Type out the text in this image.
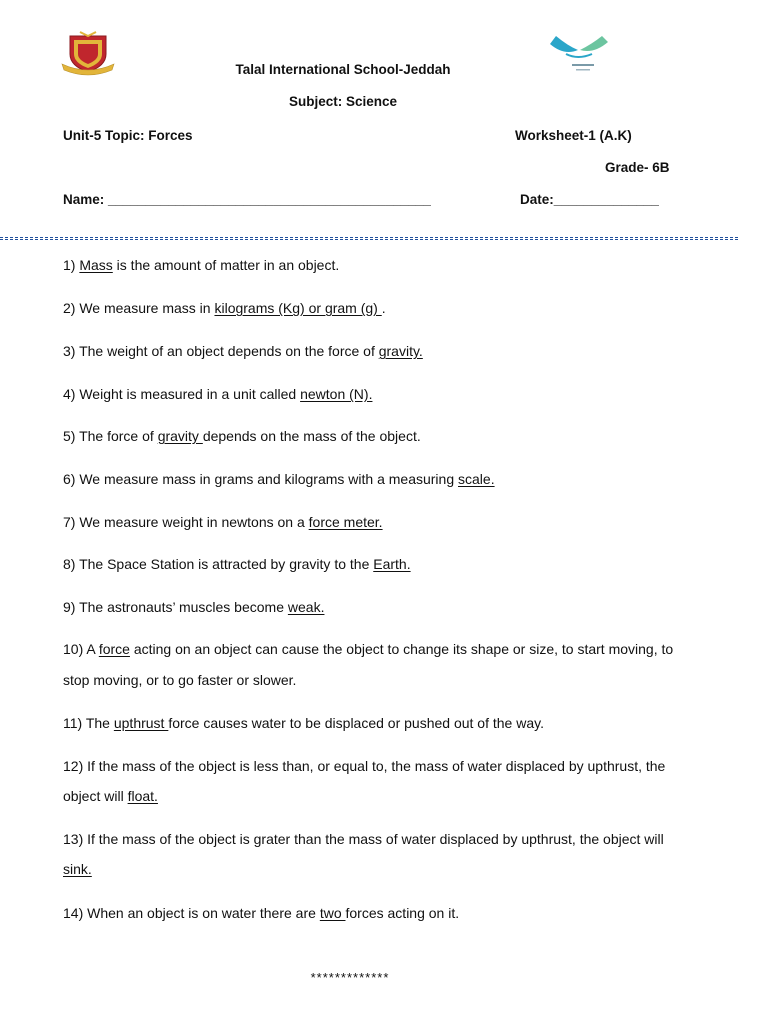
Talal International School-Jeddah
Subject: Science
Unit-5 Topic: Forces	Worksheet-1 (A.K)
Grade- 6B
Name: ___________________________________________	Date:______________
1) Mass is the amount of matter in an object.
2) We measure mass in kilograms (Kg) or gram (g) .
3) The weight of an object depends on the force of gravity.
4) Weight is measured in a unit called newton (N).
5) The force of gravity depends on the mass of the object.
6) We measure mass in grams and kilograms with a measuring scale.
7) We measure weight in newtons on a force meter.
8) The Space Station is attracted by gravity to the Earth.
9) The astronauts’ muscles become weak.
10) A force acting on an object can cause the object to change its shape or size, to start moving, to
stop moving, or to go faster or slower.
11) The upthrust force causes water to be displaced or pushed out of the way.
12) If the mass of the object is less than, or equal to, the mass of water displaced by upthrust, the
object will float.
13) If the mass of the object is grater than the mass of water displaced by upthrust, the object will
sink.
14) When an object is on water there are two forces acting on it.
*************
